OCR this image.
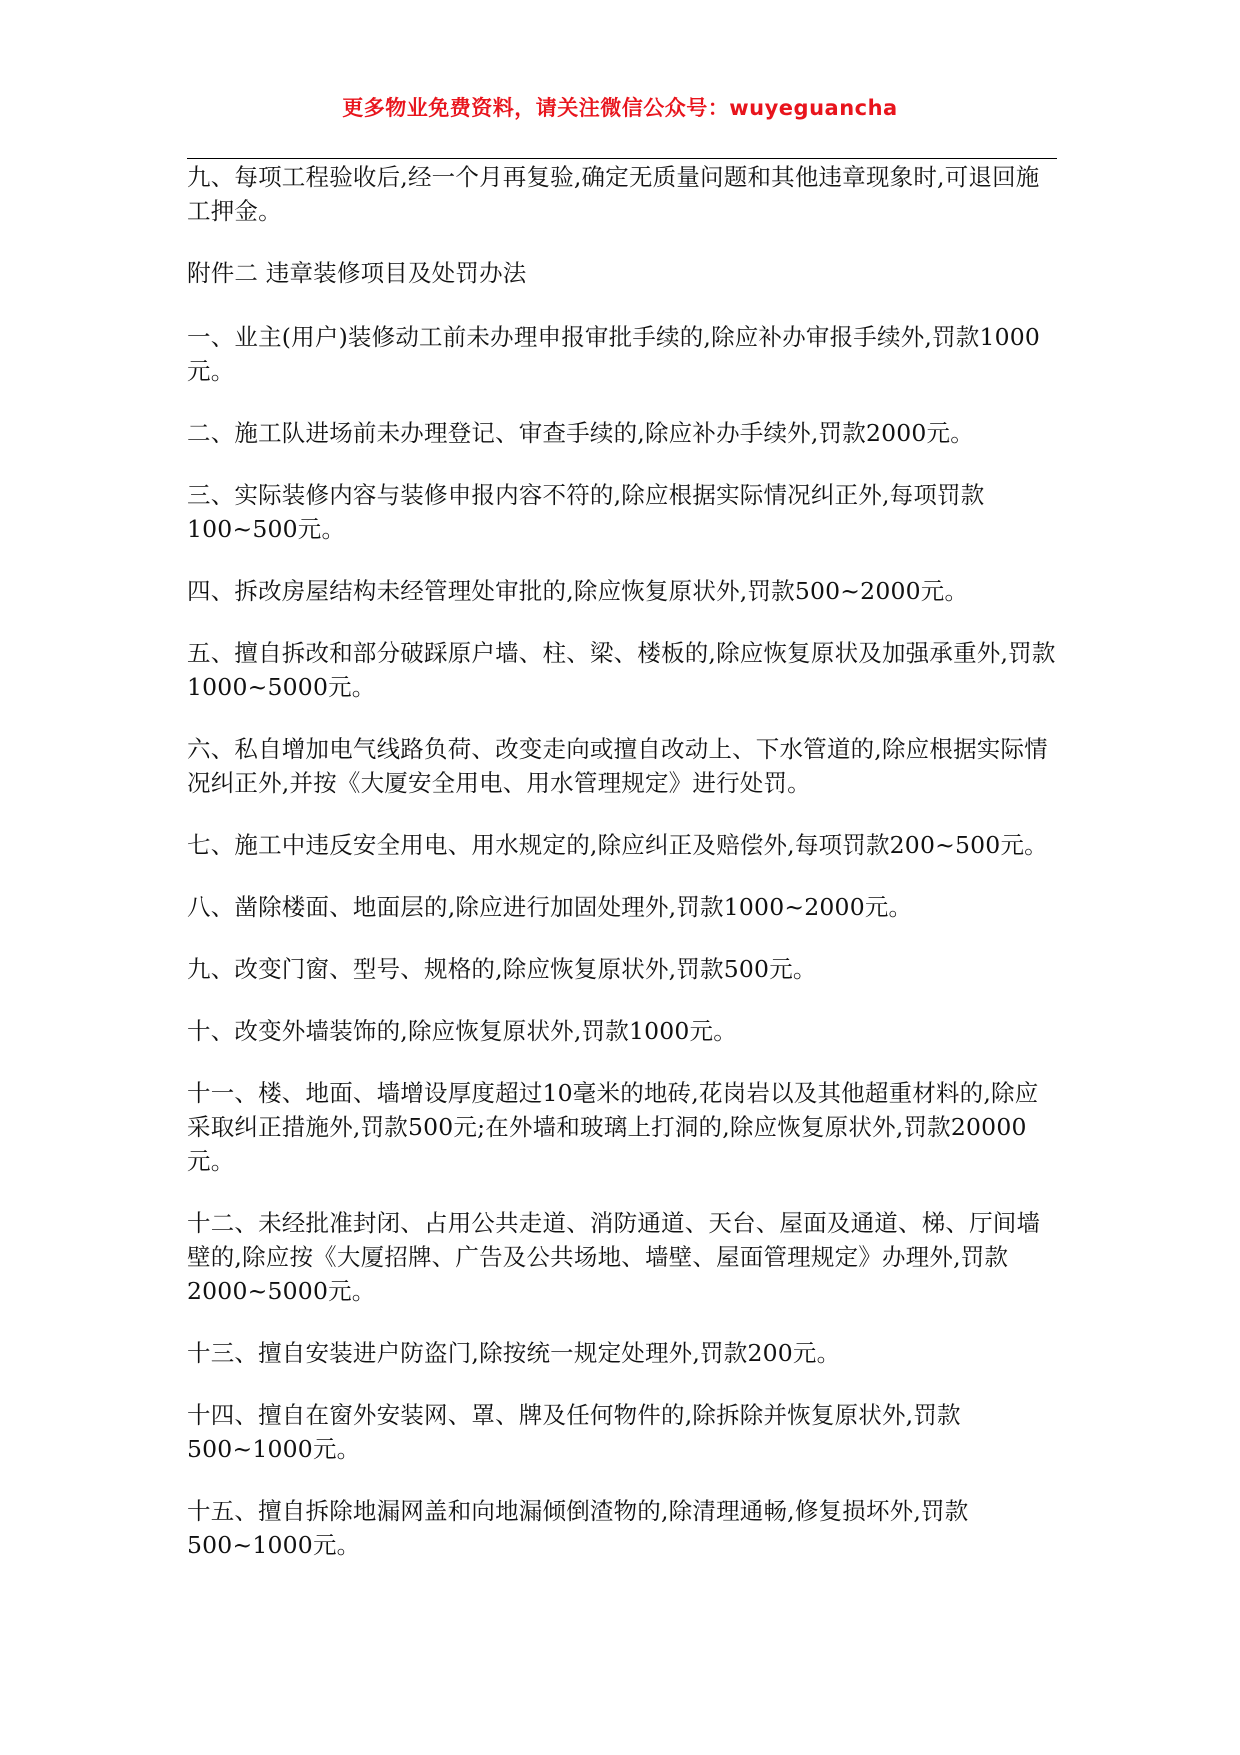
更多物业免费资料，请关注微信公众号：wuyeguancha

九、每项工程验收后,经一个月再复验,确定无质量问题和其他违章现象时,可退回施工押金。

附件二 违章装修项目及处罚办法

一、业主(用户)装修动工前未办理申报审批手续的,除应补办审报手续外,罚款1000元。

二、施工队进场前未办理登记、审查手续的,除应补办手续外,罚款2000元。

三、实际装修内容与装修申报内容不符的,除应根据实际情况纠正外,每项罚款100~500元。

四、拆改房屋结构未经管理处审批的,除应恢复原状外,罚款500~2000元。

五、擅自拆改和部分破踩原户墙、柱、梁、楼板的,除应恢复原状及加强承重外,罚款1000~5000元。

六、私自增加电气线路负荷、改变走向或擅自改动上、下水管道的,除应根据实际情况纠正外,并按《大厦安全用电、用水管理规定》进行处罚。

七、施工中违反安全用电、用水规定的,除应纠正及赔偿外,每项罚款200~500元。

八、凿除楼面、地面层的,除应进行加固处理外,罚款1000~2000元。

九、改变门窗、型号、规格的,除应恢复原状外,罚款500元。

十、改变外墙装饰的,除应恢复原状外,罚款1000元。

十一、楼、地面、墙增设厚度超过10毫米的地砖,花岗岩以及其他超重材料的,除应采取纠正措施外,罚款500元;在外墙和玻璃上打洞的,除应恢复原状外,罚款20000元。

十二、未经批准封闭、占用公共走道、消防通道、天台、屋面及通道、梯、厅间墙壁的,除应按《大厦招牌、广告及公共场地、墙壁、屋面管理规定》办理外,罚款2000~5000元。

十三、擅自安装进户防盗门,除按统一规定处理外,罚款200元。

十四、擅自在窗外安装网、罩、牌及任何物件的,除拆除并恢复原状外,罚款500~1000元。

十五、擅自拆除地漏网盖和向地漏倾倒渣物的,除清理通畅,修复损坏外,罚款500~1000元。
